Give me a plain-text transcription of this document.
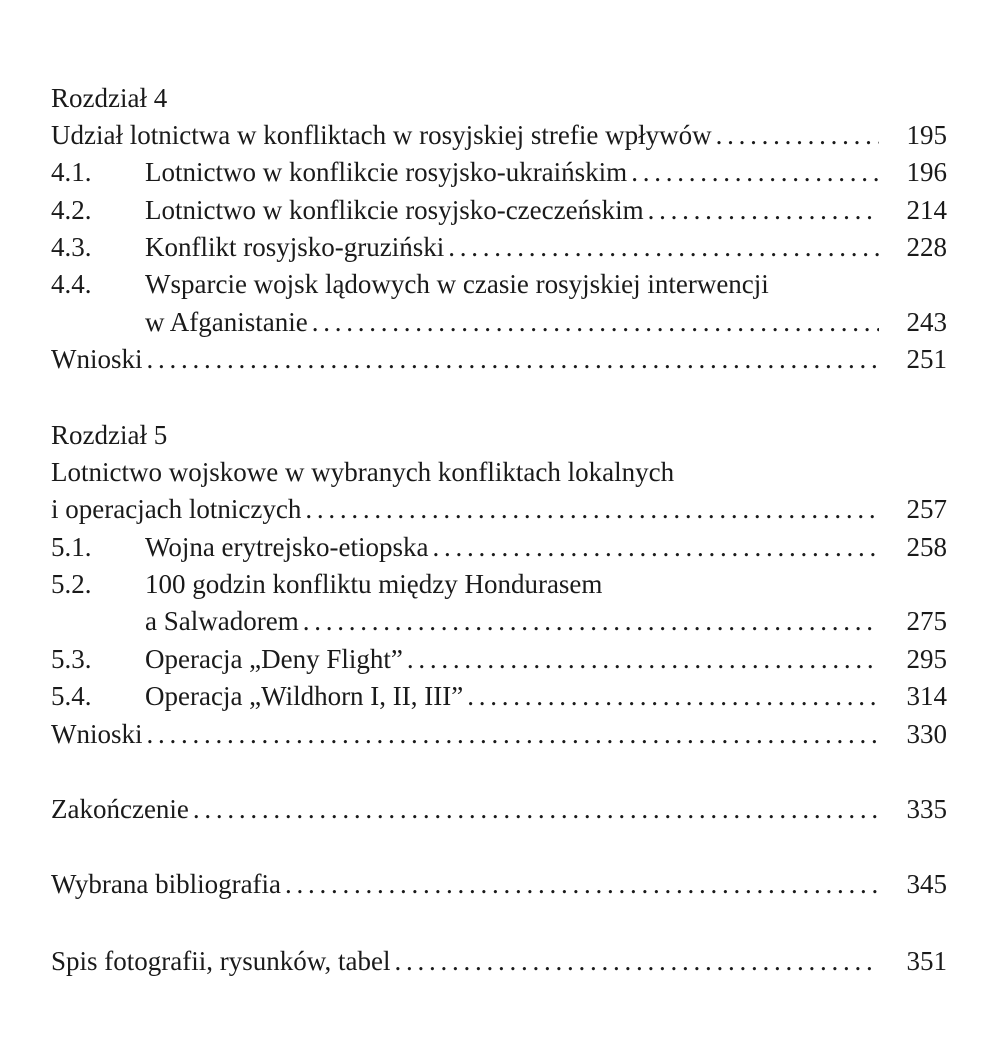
Rozdział 4
Udział lotnictwa w konfliktach w rosyjskiej strefie wpływów . . .	195
4.1.	Lotnictwo w konflikcie rosyjsko-ukraińskim . . .	196
4.2.	Lotnictwo w konflikcie rosyjsko-czeczeńskim . . .	214
4.3.	Konflikt rosyjsko-gruziński . . .	228
4.4.	Wsparcie wojsk lądowych w czasie rosyjskiej interwencji
w Afganistanie . . .	243
Wnioski . . .	251
Rozdział 5
Lotnictwo wojskowe w wybranych konfliktach lokalnych
i operacjach lotniczych . . .	257
5.1.	Wojna erytrejsko-etiopska . . .	258
5.2.	100 godzin konfliktu między Hondurasem
a Salwadorem . . .	275
5.3.	Operacja „Deny Flight” . . .	295
5.4.	Operacja „Wildhorn I, II, III” . . .	314
Wnioski . . .	330
Zakończenie . . .	335
Wybrana bibliografia . . .	345
Spis fotografii, rysunków, tabel . . .	351
